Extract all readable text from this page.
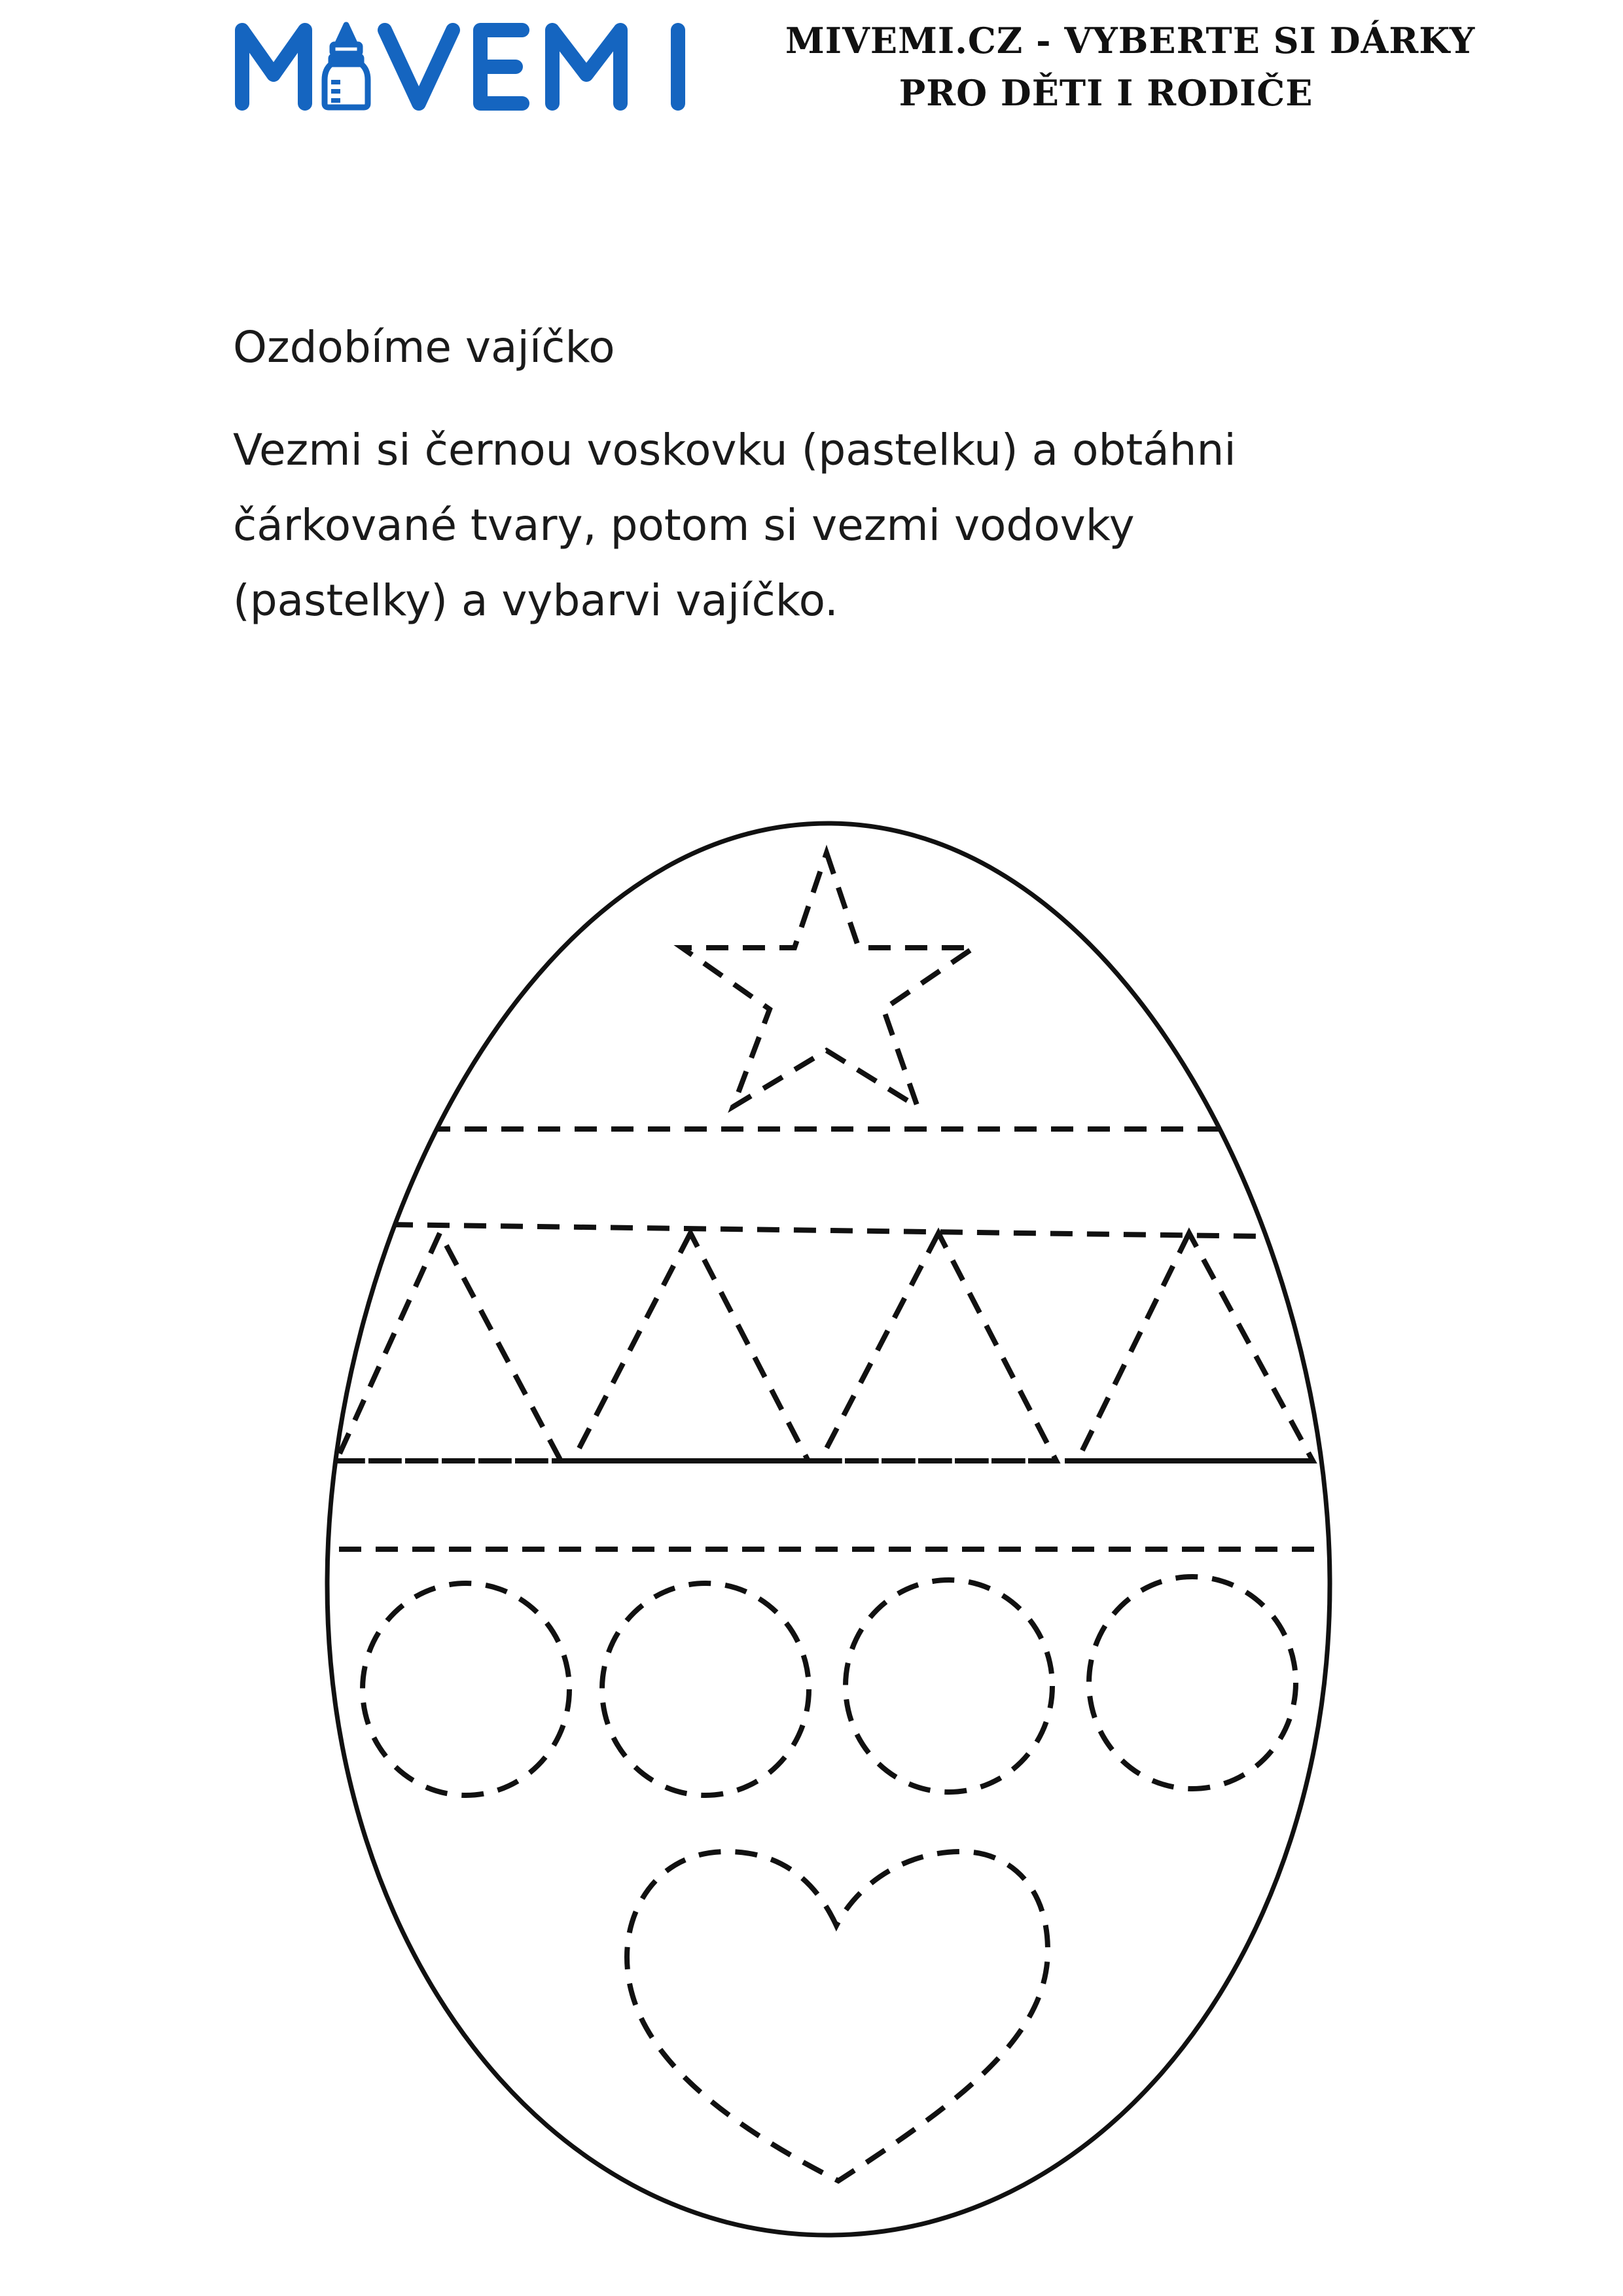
MIVEMI.CZ - VYBERTE SI DÁRKY
PRO DĚTI I RODIČE
Ozdobíme vajíčko
Vezmi si černou voskovku (pastelku) a obtáhni
čárkované tvary, potom si vezmi vodovky
(pastelky) a vybarvi vajíčko.
